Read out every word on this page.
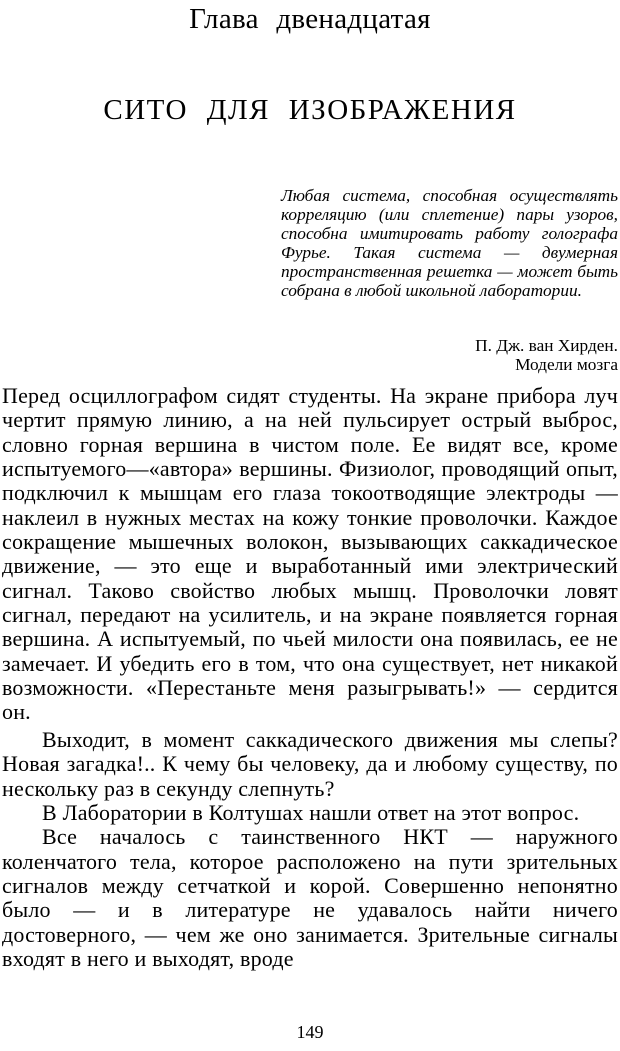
Глава двенадцатая
СИТО ДЛЯ ИЗОБРАЖЕНИЯ

Любая система, способная осуществлять корреляцию (или сплетение) пары узоров, способна имитировать работу голографа Фурье. Такая система — двумерная пространственная решетка — может быть собрана в любой школьной лаборатории.

П. Дж. ван Хирден.

Модели мозга

Перед осциллографом сидят студенты. На экране прибора луч чертит прямую линию, а на ней пульсирует острый выброс, словно горная вершина в чистом поле. Ее видят все, кроме испытуемого—«автора» вершины. Физиолог, проводящий опыт, подключил к мышцам его глаза токоотводящие электроды — наклеил в нужных местах на кожу тонкие проволочки. Каждое сокращение мышечных волокон, вызывающих саккадическое движение, — это еще и выработанный ими электрический сигнал. Таково свойство любых мышц. Проволочки ловят сигнал, передают на усилитель, и на экране появляется горная вершина. А испытуемый, по чьей милости она появилась, ее не замечает. И убедить его в том, что она существует, нет никакой возможности. «Перестаньте меня разыгрывать!» — сердится он.

Выходит, в момент саккадического движения мы слепы? Новая загадка!.. К чему бы человеку, да и любому существу, по нескольку раз в секунду слепнуть?

В Лаборатории в Колтушах нашли ответ на этот вопрос.

Все началось с таинственного НКТ — наружного коленчатого тела, которое расположено на пути зрительных сигналов между сетчаткой и корой. Совершенно непонятно было — и в литературе не удавалось найти ничего достоверного, — чем же оно занимается. Зрительные сигналы входят в него и выходят, вроде

149
